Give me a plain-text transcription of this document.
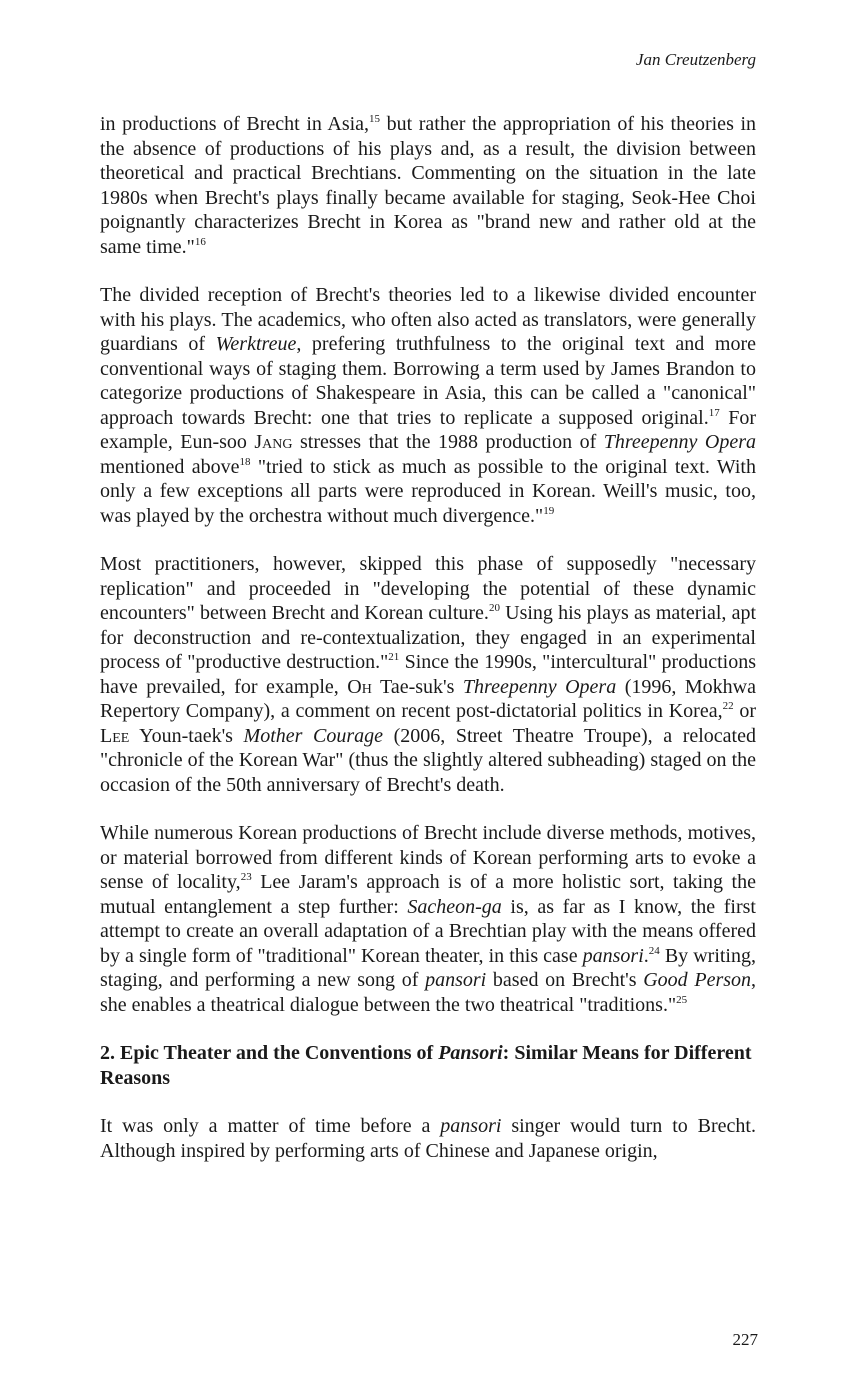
Jan Creutzenberg

in productions of Brecht in Asia,$^{15}$ but rather the appropriation of his theories in the absence of productions of his plays and, as a result, the division between theoretical and practical Brechtians. Commenting on the situation in the late 1980s when Brecht's plays finally became available for staging, Seok-Hee Choi poignantly characterizes Brecht in Korea as "brand new and rather old at the same time."$^{16}$

The divided reception of Brecht's theories led to a likewise divided encounter with his plays. The academics, who often also acted as translators, were generally guardians of Werktreue, prefering truthfulness to the original text and more conventional ways of staging them. Borrowing a term used by James Brandon to categorize productions of Shakespeare in Asia, this can be called a "canonical" approach towards Brecht: one that tries to replicate a supposed original.$^{17}$ For example, Eun-soo Jang stresses that the 1988 production of Threepenny Opera mentioned above$^{18}$ "tried to stick as much as possible to the original text. With only a few exceptions all parts were reproduced in Korean. Weill's music, too, was played by the orchestra without much divergence."$^{19}$

Most practitioners, however, skipped this phase of supposedly "necessary replication" and proceeded in "developing the potential of these dynamic encounters" between Brecht and Korean culture.$^{20}$ Using his plays as material, apt for deconstruction and re-contextualization, they engaged in an experimental process of "productive destruction."$^{21}$ Since the 1990s, "intercultural" productions have prevailed, for example, Oh Tae-suk's Threepenny Opera (1996, Mokhwa Repertory Company), a comment on recent post-dictatorial politics in Korea,$^{22}$ or Lee Youn-taek's Mother Courage (2006, Street Theatre Troupe), a relocated "chronicle of the Korean War" (thus the slightly altered subheading) staged on the occasion of the 50th anniversary of Brecht's death.

While numerous Korean productions of Brecht include diverse methods, motives, or material borrowed from different kinds of Korean performing arts to evoke a sense of locality,$^{23}$ Lee Jaram's approach is of a more holistic sort, taking the mutual entanglement a step further: Sacheon-ga is, as far as I know, the first attempt to create an overall adaptation of a Brechtian play with the means offered by a single form of "traditional" Korean theater, in this case pansori.$^{24}$ By writing, staging, and performing a new song of pansori based on Brecht's Good Person, she enables a theatrical dialogue between the two theatrical "traditions."$^{25}$

2. Epic Theater and the Conventions of Pansori: Similar Means for Different Reasons

It was only a matter of time before a pansori singer would turn to Brecht. Although inspired by performing arts of Chinese and Japanese origin,

227
